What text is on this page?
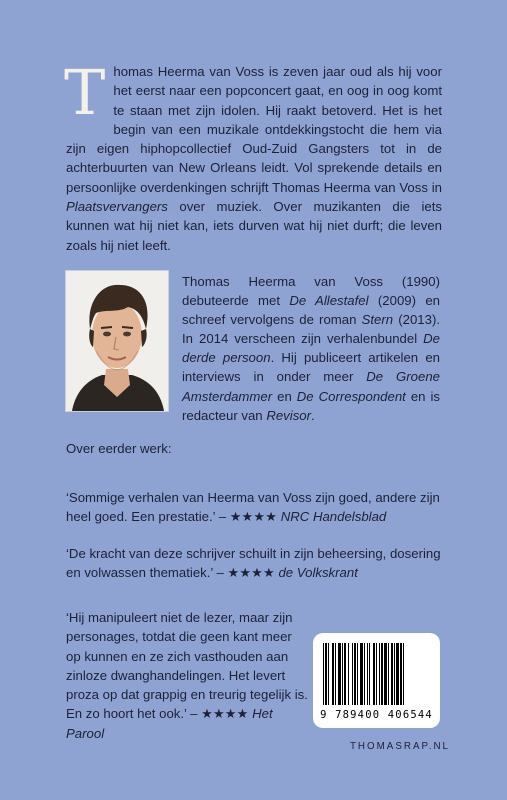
Thomas Heerma van Voss is zeven jaar oud als hij voor het eerst naar een popconcert gaat, en oog in oog komt te staan met zijn idolen. Hij raakt betoverd. Het is het begin van een muzikale ontdekkingstocht die hem via zijn eigen hiphopcollectief Oud-Zuid Gangsters tot in de achterbuurten van New Orleans leidt. Vol sprekende details en persoonlijke overdenkingen schrijft Thomas Heerma van Voss in Plaatsvervangers over muziek. Over muzikanten die iets kunnen wat hij niet kan, iets durven wat hij niet durft; die leven zoals hij niet leeft.

Thomas Heerma van Voss (1990) debuteerde met De Allestafel (2009) en schreef vervolgens de roman Stern (2013). In 2014 verscheen zijn verhalenbundel De derde persoon. Hij publiceert artikelen en interviews in onder meer De Groene Amsterdammer en De Correspondent en is redacteur van Revisor.

Over eerder werk:

‘Sommige verhalen van Heerma van Voss zijn goed, andere zijn heel goed. Een prestatie.’ – ★★★★ NRC Handelsblad

‘De kracht van deze schrijver schuilt in zijn beheersing, dosering en volwassen thematiek.’ – ★★★★ de Volkskrant

‘Hij manipuleert niet de lezer, maar zijn personages, totdat die geen kant meer op kunnen en ze zich vasthouden aan zinloze dwanghandelingen. Het levert proza op dat grappig en treurig tegelijk is. En zo hoort het ook.’ – ★★★★ Het Parool

9 789400 406544

THOMASRAP.NL
